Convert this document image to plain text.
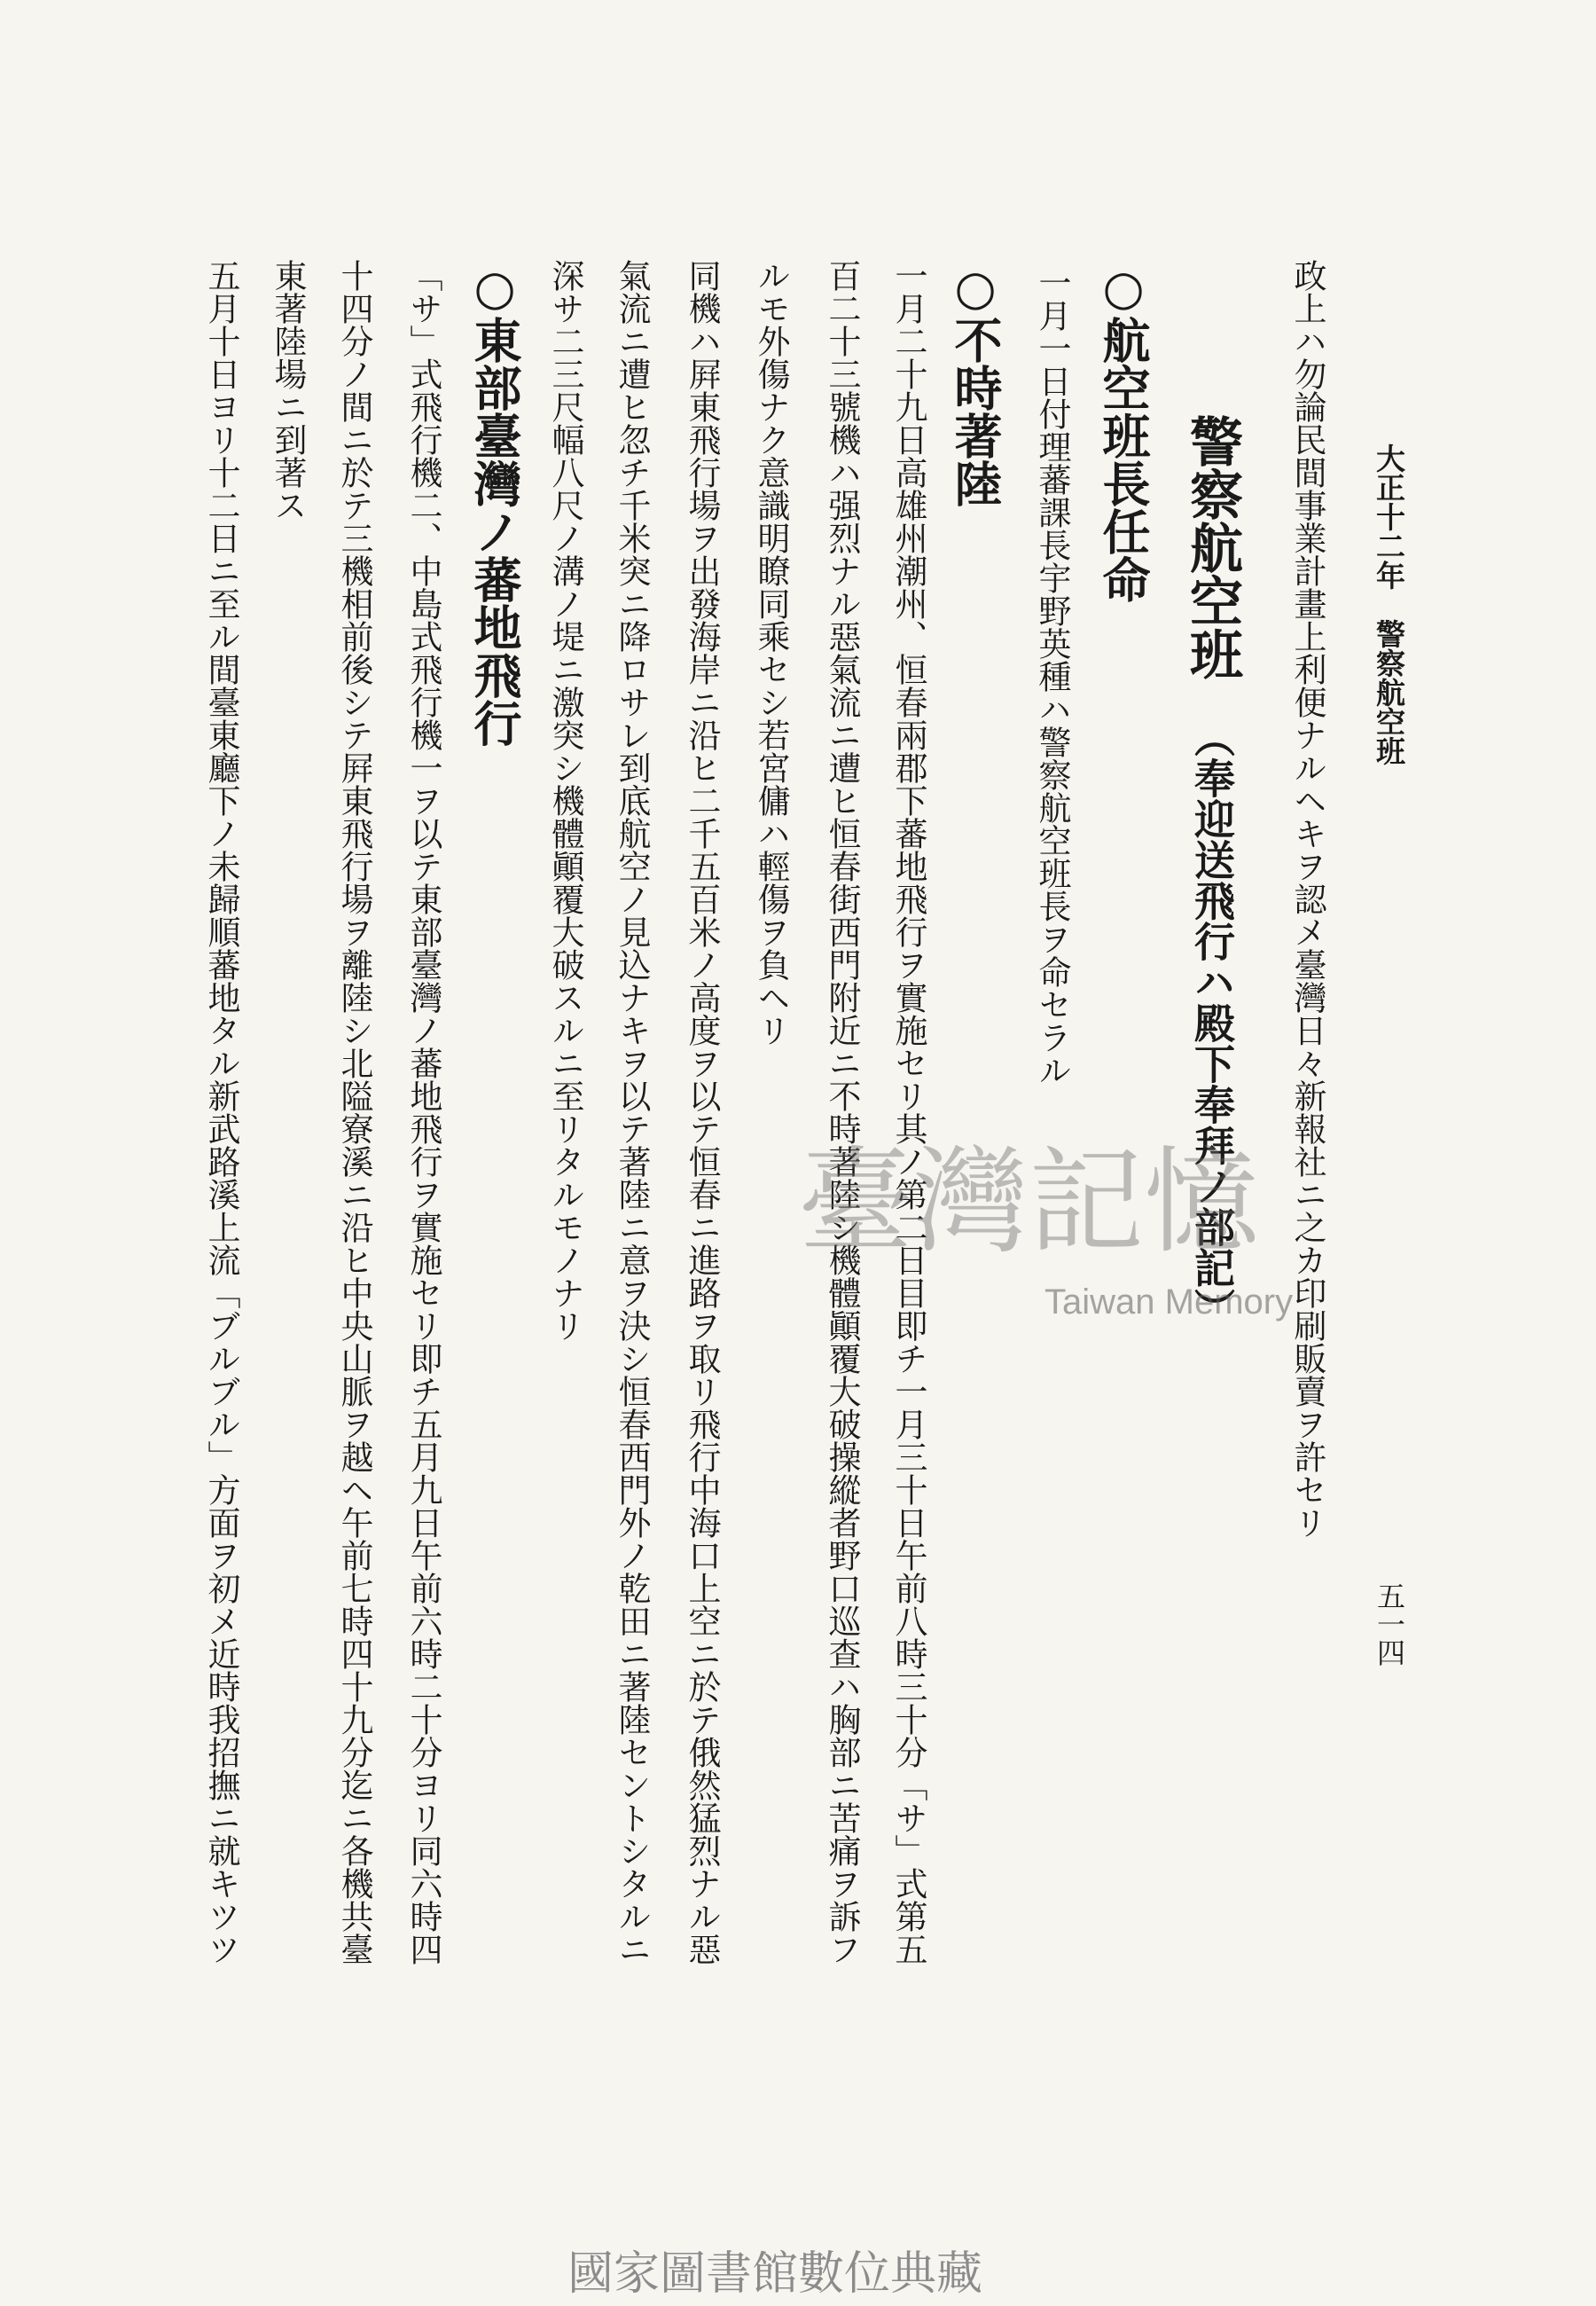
大正十二年　警察航空班
五一四
政上ハ勿論民間事業計畫上利便ナルヘキヲ認メ臺灣日々新報社ニ之カ印刷販賣ヲ許セリ
警察航空班
（奉迎送飛行ハ殿下奉拜ノ部記）
○航空班長任命
一月一日付理蕃課長宇野英種ハ警察航空班長ヲ命セラル
○不時著陸
一月二十九日高雄州潮州、恒春兩郡下蕃地飛行ヲ實施セリ其ノ第二日目即チ一月三十日午前八時三十分「サ」式第五
百二十三號機ハ强烈ナル惡氣流ニ遭ヒ恒春街西門附近ニ不時著陸シ機體顚覆大破操縱者野口巡查ハ胸部ニ苦痛ヲ訴フ
ルモ外傷ナク意識明瞭同乘セシ若宮傭ハ輕傷ヲ負ヘリ
同機ハ屛東飛行場ヲ出發海岸ニ沿ヒ二千五百米ノ高度ヲ以テ恒春ニ進路ヲ取リ飛行中海口上空ニ於テ俄然猛烈ナル惡
氣流ニ遭ヒ忽チ千米突ニ降ロサレ到底航空ノ見込ナキヲ以テ著陸ニ意ヲ決シ恒春西門外ノ乾田ニ著陸セントシタルニ
深サ二三尺幅八尺ノ溝ノ堤ニ激突シ機體顚覆大破スルニ至リタルモノナリ
○東部臺灣ノ蕃地飛行
「サ」式飛行機二、中島式飛行機一ヲ以テ東部臺灣ノ蕃地飛行ヲ實施セリ即チ五月九日午前六時二十分ヨリ同六時四
十四分ノ間ニ於テ三機相前後シテ屛東飛行場ヲ離陸シ北隘寮溪ニ沿ヒ中央山脈ヲ越ヘ午前七時四十九分迄ニ各機共臺
東著陸場ニ到著ス
五月十日ヨリ十二日ニ至ル間臺東廳下ノ未歸順蕃地タル新武路溪上流「ブルブル」方面ヲ初メ近時我招撫ニ就キツツ	臺灣記憶
Taiwan Memory
國家圖書館數位典藏
